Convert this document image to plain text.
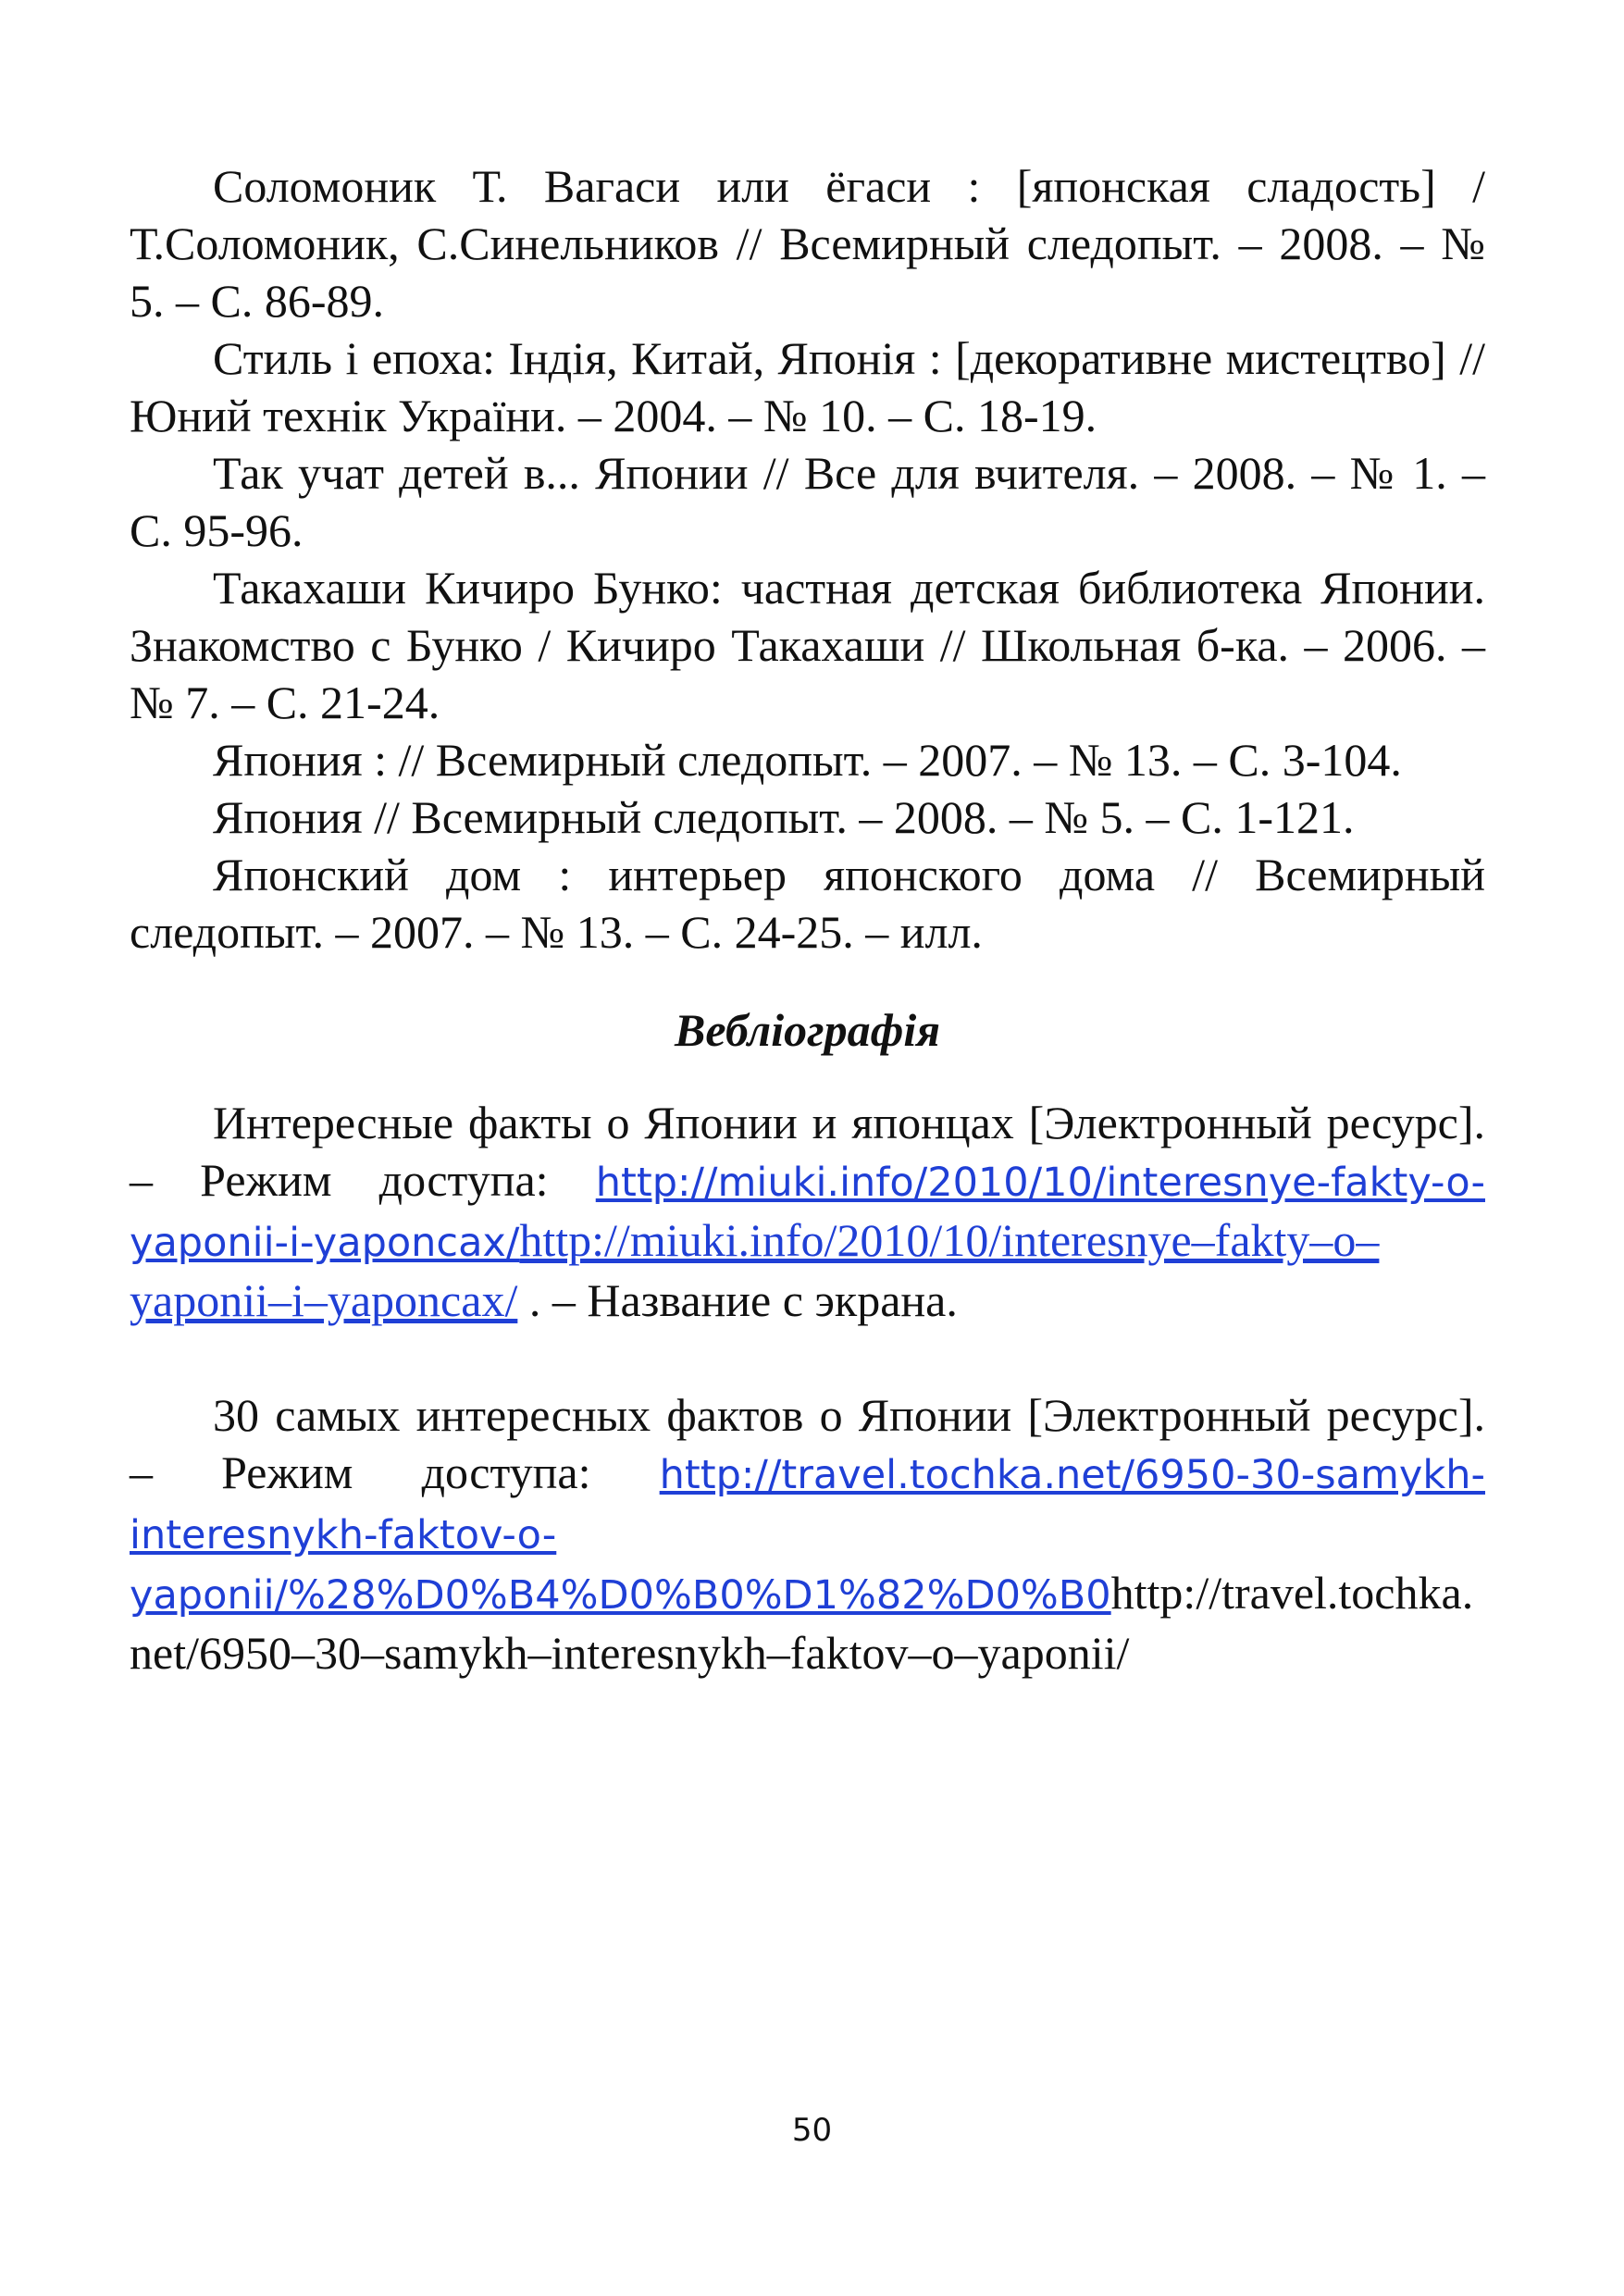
Соломоник Т. Вагаси или ёгаси : [японская сладость] / Т.Соломоник, С.Синельников // Всемирный следопыт. – 2008. – № 5. – С. 86-89.

Стиль і епоха: Індія, Китай, Японія : [декоративне мистецтво] // Юний технік України. – 2004. – № 10. – С. 18-19.

Так учат детей в... Японии // Все для вчителя. – 2008. – № 1. – С. 95-96.

Такахаши Кичиро Бунко: частная детская библиотека Японии. Знакомство с Бунко / Кичиро Такахаши // Школьная б-ка. – 2006. – № 7. – С. 21-24.

Япония : // Всемирный следопыт. – 2007. – № 13. – С. 3-104.

Япония // Всемирный следопыт. – 2008. – № 5. – С. 1-121.

Японский дом : интерьер японского дома // Всемирный следопыт. – 2007. – № 13. – С. 24-25. – илл.

Вебліографія

Интересные факты о Японии и японцах [Электронный ресурс]. – Режим доступа: http://miuki.info/2010/10/interesnye-fakty-o-yaponii-i-yaponcax/http://miuki.info/2010/10/interesnye–fakty–o–yaponii–i–yaponcax/ . – Название с экрана.

30 самых интересных фактов о Японии [Электронный ресурс]. – Режим доступа: http://travel.tochka.net/6950-30-samykh-interesnykh-faktov-o-yaponii/%28%D0%B4%D0%B0%D1%82%D0%B0http://travel.tochka. net/6950–30–samykh–interesnykh–faktov–o–yaponii/

50
